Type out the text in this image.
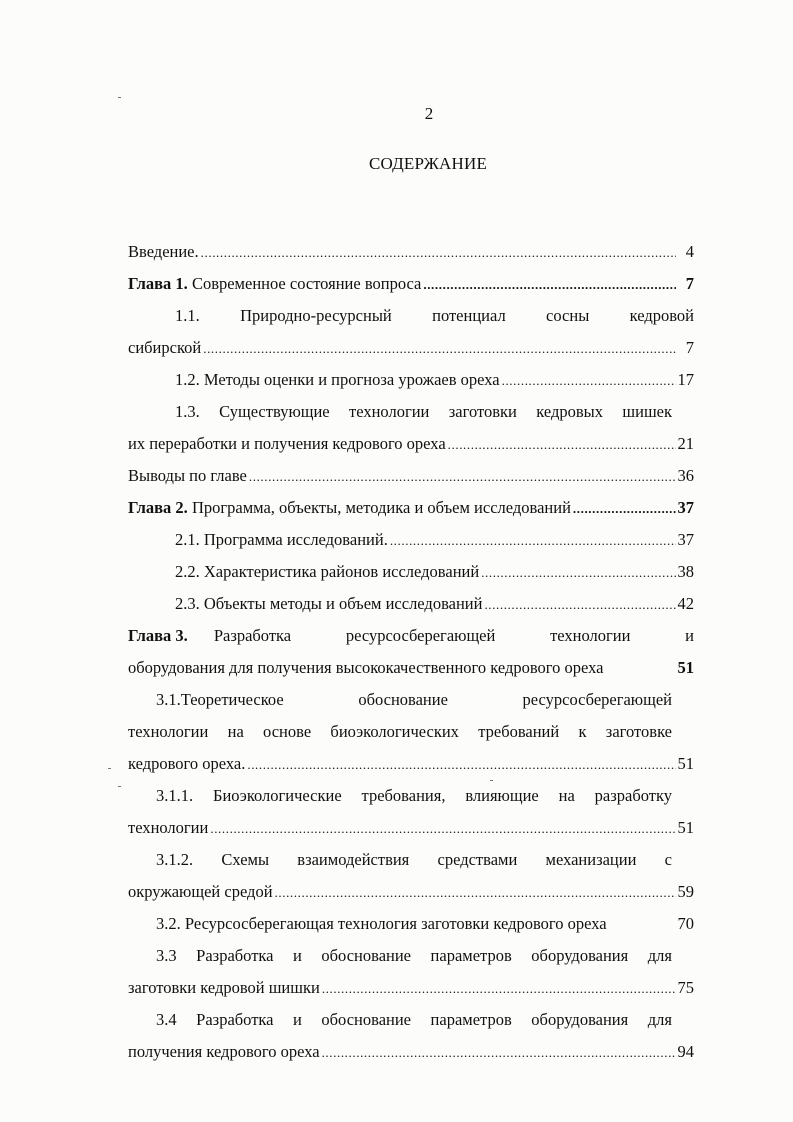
2
СОДЕРЖАНИЕ
Введение. .....	4
Глава 1. Современное состояние вопроса .....	7
1.1. Природно-ресурсный потенциал сосны кедровой
сибирской .....	7
1.2. Методы оценки и прогноза урожаев ореха .....	17
1.3. Существующие технологии заготовки кедровых шишек
их переработки и получения кедрового ореха .....	21
Выводы по главе .....	36
Глава 2. Программа, объекты, методика и объем исследований .....	37
2.1. Программа исследований. .....	37
2.2. Характеристика районов исследований .....	38
2.3. Объекты методы и объем исследований .....	42
Глава 3. Разработка ресурсосберегающей технологии и
оборудования для получения высококачественного кедрового ореха	51
3.1.Теоретическое обоснование ресурсосберегающей
технологии на основе биоэкологических требований к заготовке
кедрового ореха. .....	51
3.1.1. Биоэкологические требования, влияющие на разработку
технологии .....	51
3.1.2. Схемы взаимодействия средствами механизации с
окружающей средой .....	59
3.2. Ресурсосберегающая технология заготовки кедрового ореха	70
3.3 Разработка и обоснование параметров оборудования для
заготовки кедровой шишки .....	75
3.4 Разработка и обоснование параметров оборудования для
получения кедрового ореха .....	94
